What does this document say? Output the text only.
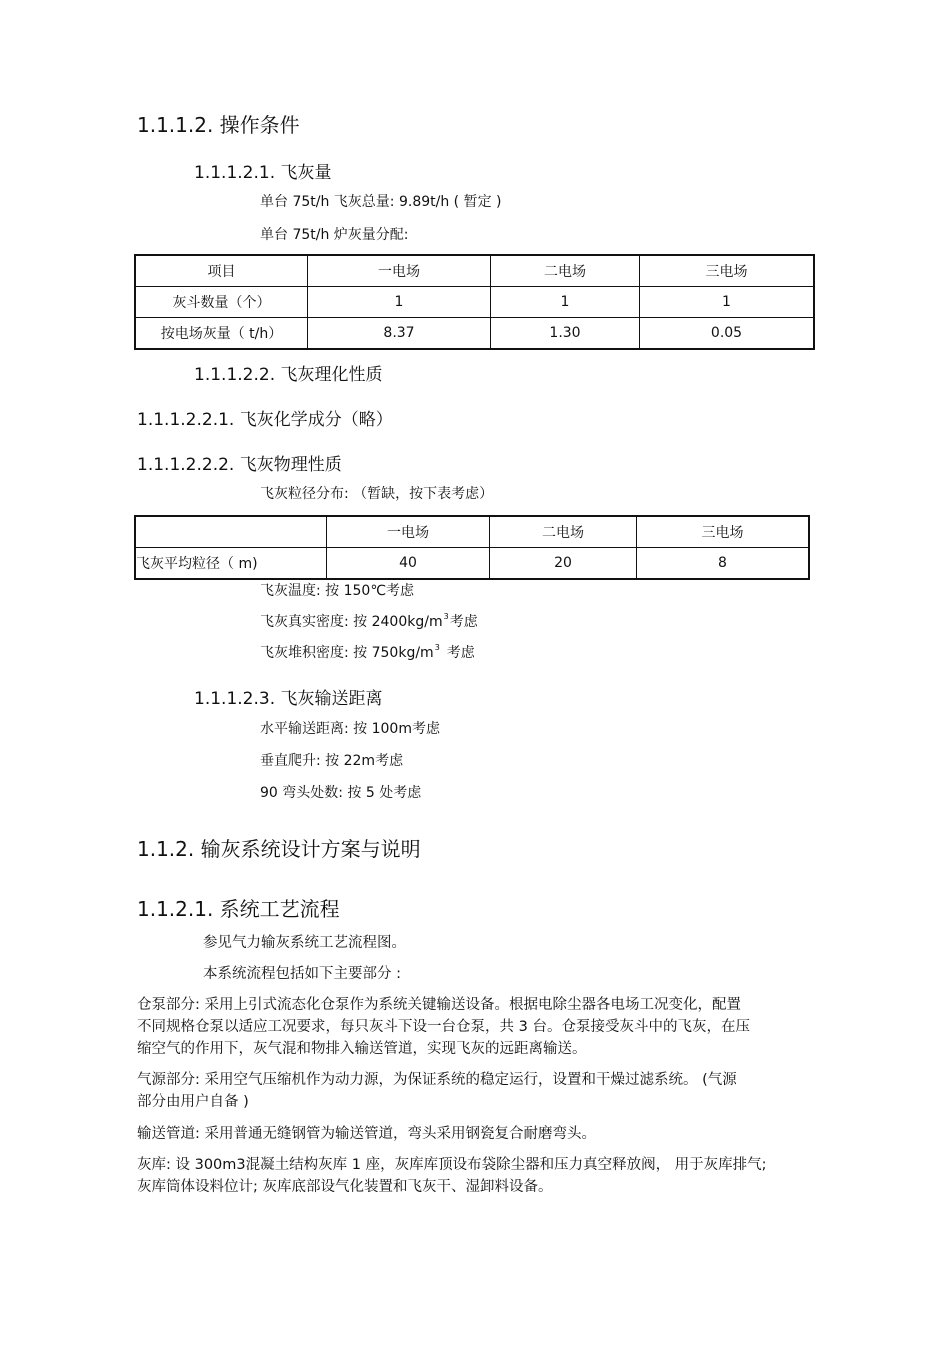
1.1.1.2. 操作条件
1.1.1.2.1. 飞灰量
单台 75t/h 飞灰总量: 9.89t/h ( 暂定 )
单台 75t/h 炉灰量分配:
项目	一电场	二电场	三电场
灰斗数量（个）	1	1	1
按电场灰量（ t/h）	8.37	1.30	0.05
1.1.1.2.2. 飞灰理化性质
1.1.1.2.2.1. 飞灰化学成分（略）
1.1.1.2.2.2. 飞灰物理性质
飞灰粒径分布: （暂缺，按下表考虑）
	一电场	二电场	三电场
飞灰平均粒径（ m)	40	20	8
飞灰温度: 按 150℃考虑
飞灰真实密度: 按 $2400kg/m^3$考虑
飞灰堆积密度: 按 $750kg/m^3$ 考虑
1.1.1.2.3. 飞灰输送距离
水平输送距离: 按 100m考虑
垂直爬升: 按 22m考虑
90 弯头处数: 按 5 处考虑
1.1.2. 输灰系统设计方案与说明
1.1.2.1. 系统工艺流程
参见气力输灰系统工艺流程图。
本系统流程包括如下主要部分 :
仓泵部分: 采用上引式流态化仓泵作为系统关键输送设备。根据电除尘器各电场工况变化，配置
不同规格仓泵以适应工况要求，每只灰斗下设一台仓泵，共 3 台。仓泵接受灰斗中的飞灰，在压
缩空气的作用下，灰气混和物排入输送管道，实现飞灰的远距离输送。
气源部分: 采用空气压缩机作为动力源，为保证系统的稳定运行，设置和干燥过滤系统。 (气源
部分由用户自备 )
输送管道: 采用普通无缝钢管为输送管道，弯头采用钢瓷复合耐磨弯头。
灰库: 设 300m3混凝土结构灰库 1 座，灰库库顶设布袋除尘器和压力真空释放阀， 用于灰库排气;
灰库筒体设料位计; 灰库底部设气化装置和飞灰干、湿卸料设备。
